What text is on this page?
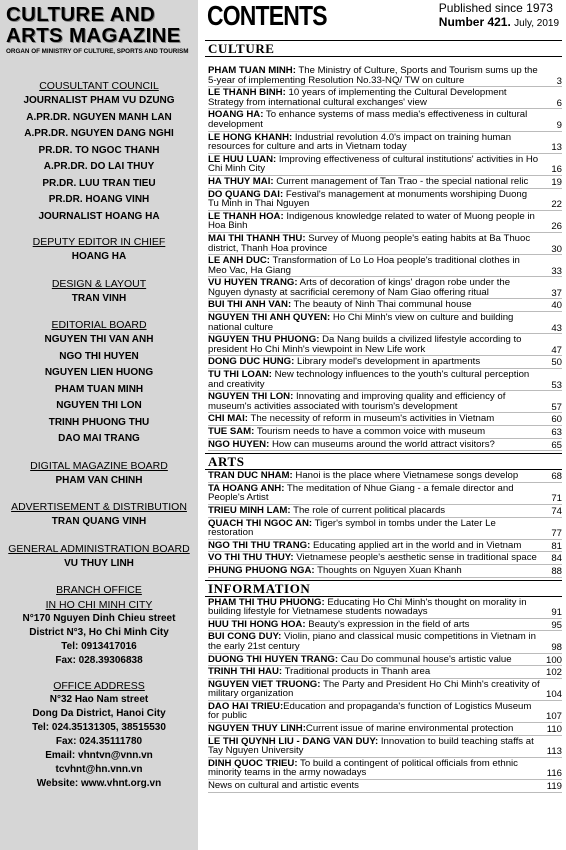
CULTURE AND
ARTS MAGAZINE
ORGAN OF MINISTRY OF CULTURE, SPORTS AND TOURISM
COUSULTANT COUNCIL
JOURNALIST PHAM VU DZUNG
A.PR.DR. NGUYEN MANH LAN
A.PR.DR. NGUYEN DANG NGHI
PR.DR. TO NGOC THANH
A.PR.DR. DO LAI THUY
PR.DR. LUU TRAN TIEU
PR.DR. HOANG VINH
JOURNALIST HOANG HA
DEPUTY EDITOR IN CHIEF
HOANG HA
DESIGN & LAYOUT
TRAN VINH
EDITORIAL BOARD
NGUYEN THI VAN ANH
NGO THI HUYEN
NGUYEN LIEN HUONG
PHAM TUAN MINH
NGUYEN THI LON
TRINH PHUONG THU
DAO MAI TRANG
DIGITAL MAGAZINE BOARD
PHAM VAN CHINH
ADVERTISEMENT & DISTRIBUTION
TRAN QUANG VINH
GENERAL ADMINISTRATION BOARD
VU THUY LINH
BRANCH OFFICE
IN HO CHI MINH CITY
N°170 Nguyen Dinh Chieu street
District N°3, Ho Chi Minh City
Tel: 0913417016
Fax: 028.39306838
OFFICE ADDRESS
N°32 Hao Nam street
Dong Da District, Hanoi City
Tel: 024.35131305, 38515530
Fax: 024.35111780
Email: vhntvn@vnn.vn
tcvhnt@hn.vnn.vn
Website: www.vhnt.org.vn
CONTENTS	Published since 1973
Number 421. July, 2019
CULTURE
PHAM TUAN MINH: The Ministry of Culture, Sports and Tourism sums up the 5-year of implementing Resolution No.33-NQ/ TW on culture	3
LE THANH BINH: 10 years of implementing the Cultural Development Strategy from international cultural exchanges' view	6
HOANG HA: To enhance systems of mass media's effectiveness in cultural development	9
LE HONG KHANH: Industrial revolution 4.0's impact on training human resources for culture and arts in Vietnam today	13
LE HUU LUAN: Improving effectiveness of cultural institutions' activities in Ho Chi Minh City	16
HA THUY MAI: Current management of Tan Trao - the special national relic 19
DO QUANG DAI: Festival's management at monuments worshiping Duong Tu Minh in Thai Nguyen	22
LE THANH HOA: Indigenous knowledge related to water of Muong people in Hoa Binh	26
MAI THI THANH THU: Survey of Muong people's eating habits at Ba Thuoc district, Thanh Hoa province	30
LE ANH DUC: Transformation of Lo Lo Hoa people's traditional clothes in Meo Vac, Ha Giang	33
VU HUYEN TRANG: Arts of decoration of kings' dragon robe under the Nguyen dynasty at sacrificial ceremony of Nam Giao offering ritual	37
BUI THI ANH VAN: The beauty of Ninh Thai communal house	40
NGUYEN THI ANH QUYEN: Ho Chi Minh's view on culture and building national culture	43
NGUYEN THU PHUONG: Da Nang builds a civilized lifestyle according to president Ho Chi Minh's viewpoint in New Life work	47
DONG DUC HUNG: Library model's development in apartments	50
TU THI LOAN: New technology influences to the youth's cultural perception and creativity	53
NGUYEN THI LON: Innovating and improving quality and efficiency of museum's activities associated with tourism's development	57
CHI MAI: The necessity of reform in museum's activities in Vietnam	60
TUE SAM: Tourism needs to have a common voice with museum	63
NGO HUYEN: How can museums around the world attract visitors?	65
ARTS
TRAN DUC NHAM: Hanoi is the place where Vietnamese songs develop	68
TA HOANG ANH: The meditation of Nhue Giang - a female director and People's Artist	71
TRIEU MINH LAM: The role of current political placards	74
QUACH THI NGOC AN: Tiger's symbol in tombs under the Later Le restoration	77
NGO THI THU TRANG: Educating applied art in the world and in Vietnam	81
VO THI THU THUY: Vietnamese people's aesthetic sense in traditional space 84
PHUNG PHUONG NGA: Thoughts on Nguyen Xuan Khanh	88
INFORMATION
PHAM THI THU PHUONG: Educating Ho Chi Minh's thought on morality in building lifestyle for Vietnamese students nowadays	91
HUU THI HONG HOA: Beauty's expression in the field of arts	95
BUI CONG DUY: Violin, piano and classical music competitions in Vietnam in the early 21st century	98
DUONG THI HUYEN TRANG: Cau Do communal house's artistic value	100
TRINH THI HAU: Traditional products in Thanh area	102
NGUYEN VIET TRUONG: The Party and President Ho Chi Minh's creativity of military organization	104
DAO HAI TRIEU:Education and propaganda's function of Logistics Museum for public	107
NGUYEN THUY LINH:Current issue of marine environmental protection	110
LE THI QUYNH LIU - DANG VAN DUY: Innovation to build teaching staffs at Tay Nguyen University	113
DINH QUOC TRIEU: To build a contingent of political officials from ethnic minority teams in the army nowadays	116
News on cultural and artistic events	119
